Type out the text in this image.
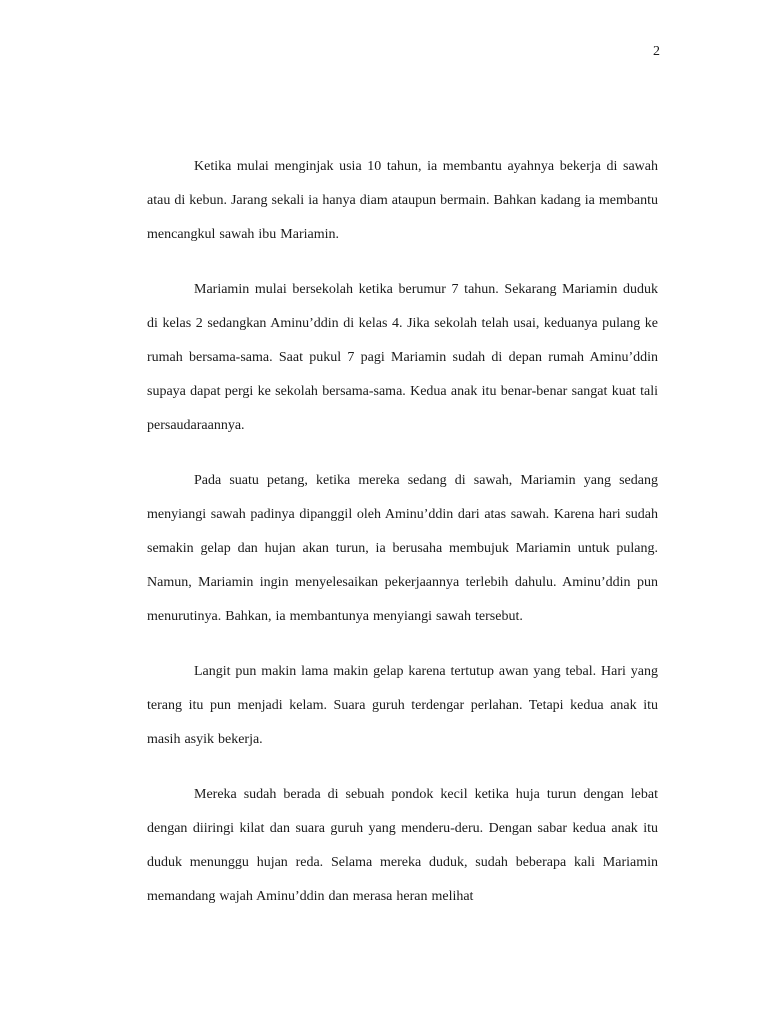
2

Ketika mulai menginjak usia 10 tahun, ia membantu ayahnya bekerja di sawah atau di kebun. Jarang sekali ia hanya diam ataupun bermain. Bahkan kadang ia membantu mencangkul sawah ibu Mariamin.

Mariamin mulai bersekolah ketika berumur 7 tahun. Sekarang Mariamin duduk di kelas 2 sedangkan Aminu’ddin di kelas 4. Jika sekolah telah usai, keduanya pulang ke rumah bersama-sama. Saat pukul 7 pagi Mariamin sudah di depan rumah Aminu’ddin supaya dapat pergi ke sekolah bersama-sama. Kedua anak itu benar-benar sangat kuat tali persaudaraannya.

Pada suatu petang, ketika mereka sedang di sawah, Mariamin yang sedang menyiangi sawah padinya dipanggil oleh Aminu’ddin dari atas sawah. Karena hari sudah semakin gelap dan hujan akan turun, ia berusaha membujuk Mariamin untuk pulang. Namun, Mariamin ingin menyelesaikan pekerjaannya terlebih dahulu. Aminu’ddin pun menurutinya. Bahkan, ia membantunya menyiangi sawah tersebut.

Langit pun makin lama makin gelap karena tertutup awan yang tebal. Hari yang terang itu pun menjadi kelam. Suara guruh terdengar perlahan. Tetapi kedua anak itu masih asyik bekerja.

Mereka sudah berada di sebuah pondok kecil ketika huja turun dengan lebat dengan diiringi kilat dan suara guruh yang menderu-deru. Dengan sabar kedua anak itu duduk menunggu hujan reda. Selama mereka duduk, sudah beberapa kali Mariamin memandang wajah Aminu’ddin dan merasa heran melihat
